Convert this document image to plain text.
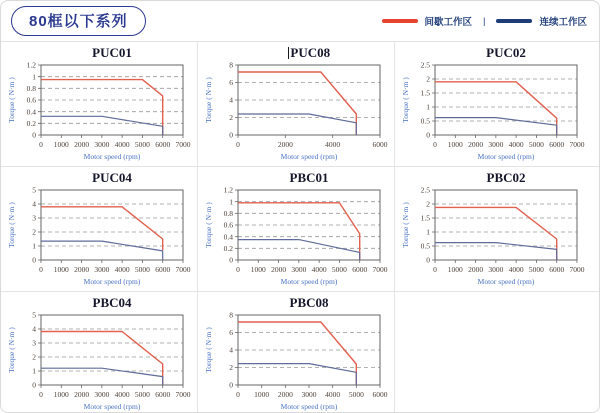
80框以下系列	间歇工作区 |	连续工作区
PUC01
0 1000 2000 3000 4000 5000 6000 7000
0
0.2
0.4
0.6
0.8
1
1.2
Motor speed (rpm)
Torque ( N·m )
PUC08
0	2000	4000	6000
0
2
4
6
8
Motor speed (rpm)
Torque ( N·m )
PUC02
0 1000 2000 3000 4000 5000 6000 7000
0
0.5
1
1.5
2
2.5
Motor speed (rpm)
Torque ( N·m )
PUC04
0 1000 2000 3000 4000 5000 6000 7000
0
1
2
3
4
5
Motor speed (rpm)
Torque ( N·m )
PBC01
0 1000 2000 3000 4000 5000 6000 7000
0
0.2
0.4
0.6
0.8
1
1.2
Motor speed (rpm)
Torque ( N·m )
PBC02
0 1000 2000 3000 4000 5000 6000 7000
0
0.5
1
1.5
2
2.5
Motor speed (rpm)
Torque ( N·m )
PBC04
0 1000 2000 3000 4000 5000 6000 7000
0
1
2
3
4
5
Motor speed (rpm)
Torque ( N·m )
PBC08
0 1000 2000 3000 4000 5000 6000
0
2
4
6
8
Motor speed (rpm)
Torque ( N·m )
